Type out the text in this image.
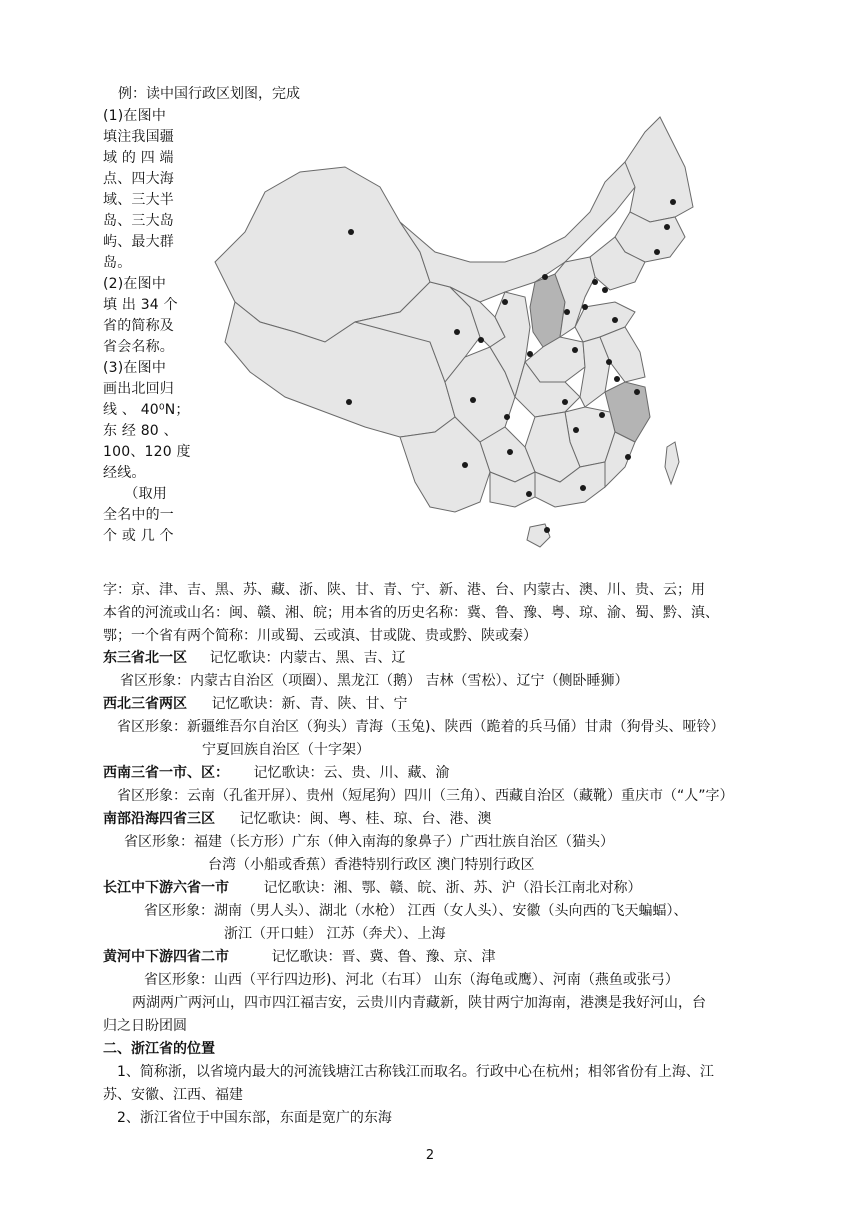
例：读中国行政区划图，完成
(1)在图中
填注我国疆
域 的 四 端
点、四大海
域、三大半
岛、三大岛
屿、最大群
岛。
(2)在图中
填 出 34 个
省的简称及
省会名称。
(3)在图中
画出北回归
线 、 40⁰N；
东 经 80 、
100、120 度
经线。
　　（取用
全名中的一
个 或 几 个
字：京、津、吉、黑、苏、藏、浙、陕、甘、青、宁、新、港、台、内蒙古、澳、川、贵、云；用
本省的河流或山名：闽、赣、湘、皖；用本省的历史名称：冀、鲁、豫、粤、琼、渝、蜀、黔、滇、
鄂；一个省有两个简称：川或蜀、云或滇、甘或陇、贵或黔、陕或秦）
东三省北一区 记忆歌诀：内蒙古、黑、吉、辽
省区形象：内蒙古自治区（项圈）、黑龙江（鹅） 吉林（雪松）、辽宁（侧卧睡狮）
西北三省两区 记忆歌诀：新、青、陕、甘、宁
省区形象：新疆维吾尔自治区（狗头）青海（玉兔)、陕西（跪着的兵马俑）甘肃（狗骨头、哑铃）
宁夏回族自治区（十字架）
西南三省一市、区： 记忆歌诀：云、贵、川、藏、渝
省区形象：云南（孔雀开屏）、贵州（短尾狗）四川（三角）、西藏自治区（藏靴）重庆市（“人”字）
南部沿海四省三区 记忆歌诀：闽、粤、桂、琼、台、港、澳
省区形象：福建（长方形）广东（伸入南海的象鼻子）广西壮族自治区（猫头）
台湾（小船或香蕉）香港特别行政区 澳门特别行政区
长江中下游六省一市 记忆歌诀：湘、鄂、赣、皖、浙、苏、沪（沿长江南北对称）
省区形象：湖南（男人头）、湖北（水枪） 江西（女人头）、安徽（头向西的飞天蝙蝠）、
浙江（开口蛙） 江苏（奔犬）、上海
黄河中下游四省二市	记忆歌诀：晋、冀、鲁、豫、京、津
省区形象：山西（平行四边形)、河北（右耳） 山东（海龟或鹰）、河南（燕鱼或张弓）
两湖两广两河山，四市四江福吉安，云贵川内青藏新，陕甘两宁加海南，港澳是我好河山，台
归之日盼团圆
二、浙江省的位置
1、简称浙，以省境内最大的河流钱塘江古称钱江而取名。行政中心在杭州；相邻省份有上海、江
苏、安徽、江西、福建
2、浙江省位于中国东部，东面是宽广的东海
2
